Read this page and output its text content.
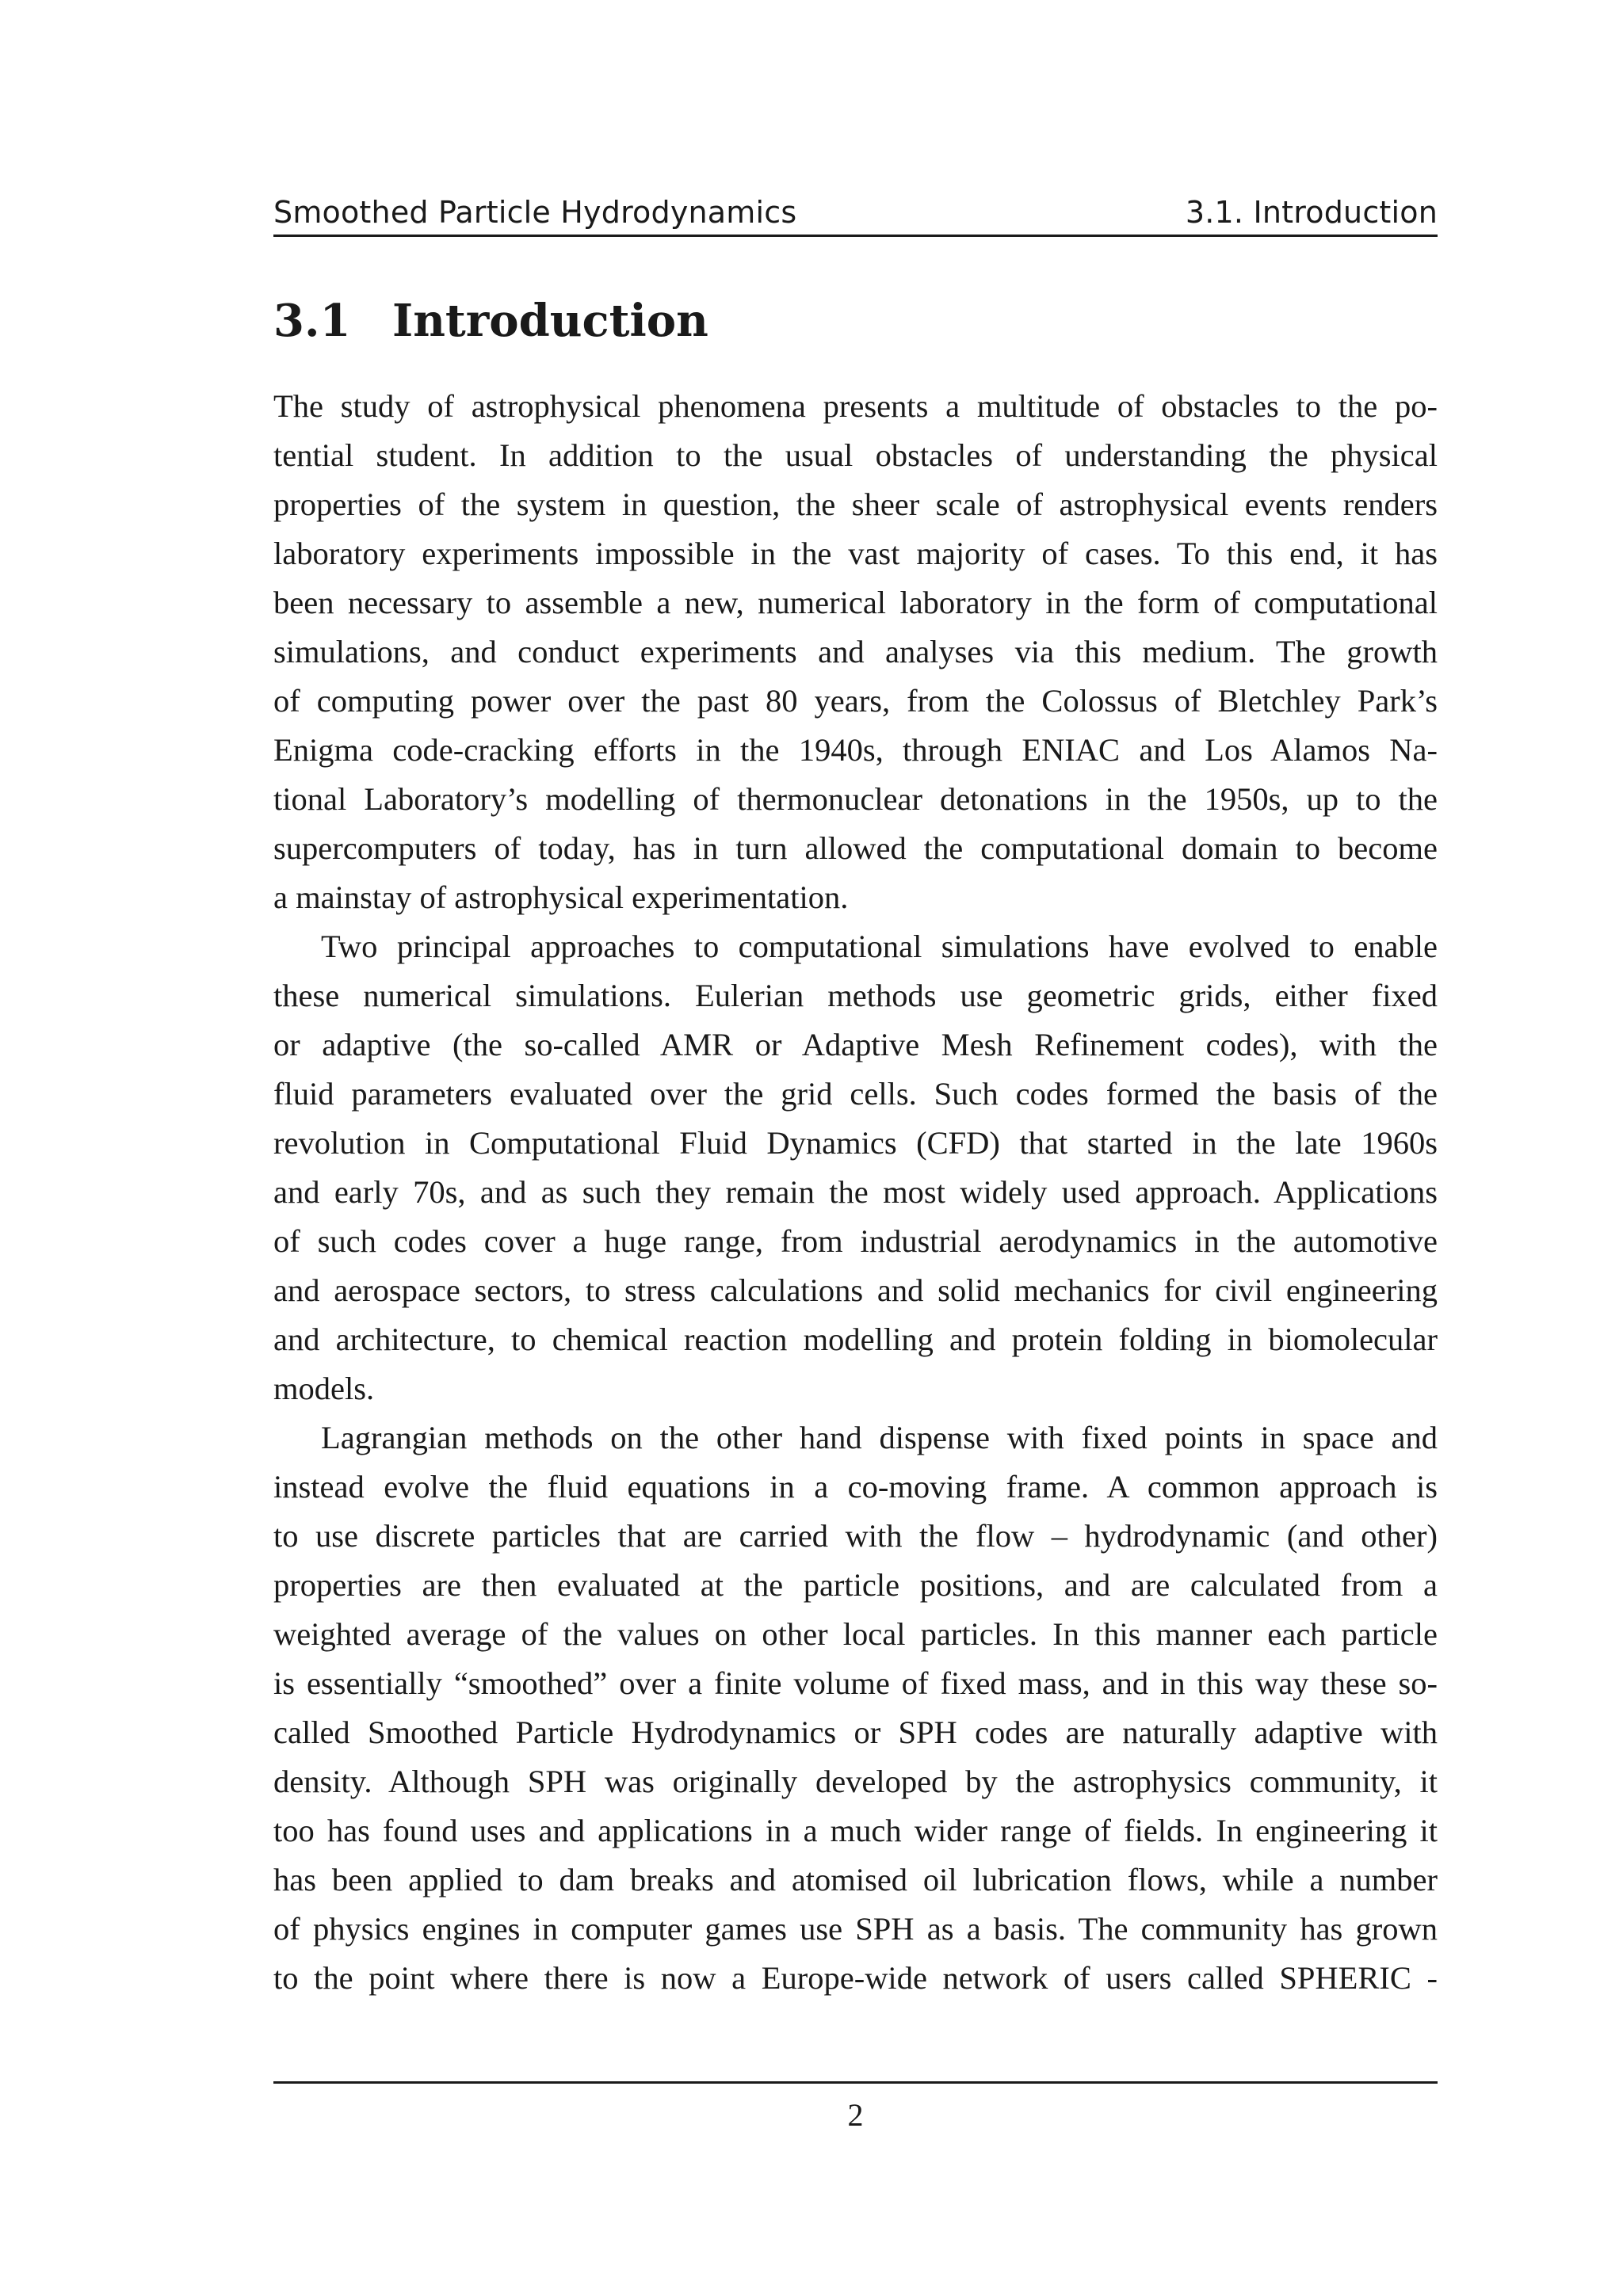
Smoothed Particle Hydrodynamics	3.1. Introduction
3.1 Introduction
The study of astrophysical phenomena presents a multitude of obstacles to the po-
tential student. In addition to the usual obstacles of understanding the physical
properties of the system in question, the sheer scale of astrophysical events renders
laboratory experiments impossible in the vast majority of cases. To this end, it has
been necessary to assemble a new, numerical laboratory in the form of computational
simulations, and conduct experiments and analyses via this medium. The growth
of computing power over the past 80 years, from the Colossus of Bletchley Park’s
Enigma code-cracking efforts in the 1940s, through ENIAC and Los Alamos Na-
tional Laboratory’s modelling of thermonuclear detonations in the 1950s, up to the
supercomputers of today, has in turn allowed the computational domain to become
a mainstay of astrophysical experimentation.
Two principal approaches to computational simulations have evolved to enable
these numerical simulations. Eulerian methods use geometric grids, either fixed
or adaptive (the so-called AMR or Adaptive Mesh Refinement codes), with the
fluid parameters evaluated over the grid cells. Such codes formed the basis of the
revolution in Computational Fluid Dynamics (CFD) that started in the late 1960s
and early 70s, and as such they remain the most widely used approach. Applications
of such codes cover a huge range, from industrial aerodynamics in the automotive
and aerospace sectors, to stress calculations and solid mechanics for civil engineering
and architecture, to chemical reaction modelling and protein folding in biomolecular
models.
Lagrangian methods on the other hand dispense with fixed points in space and
instead evolve the fluid equations in a co-moving frame. A common approach is
to use discrete particles that are carried with the flow – hydrodynamic (and other)
properties are then evaluated at the particle positions, and are calculated from a
weighted average of the values on other local particles. In this manner each particle
is essentially “smoothed” over a finite volume of fixed mass, and in this way these so-
called Smoothed Particle Hydrodynamics or SPH codes are naturally adaptive with
density. Although SPH was originally developed by the astrophysics community, it
too has found uses and applications in a much wider range of fields. In engineering it
has been applied to dam breaks and atomised oil lubrication flows, while a number
of physics engines in computer games use SPH as a basis. The community has grown
to the point where there is now a Europe-wide network of users called SPHERIC -
2
